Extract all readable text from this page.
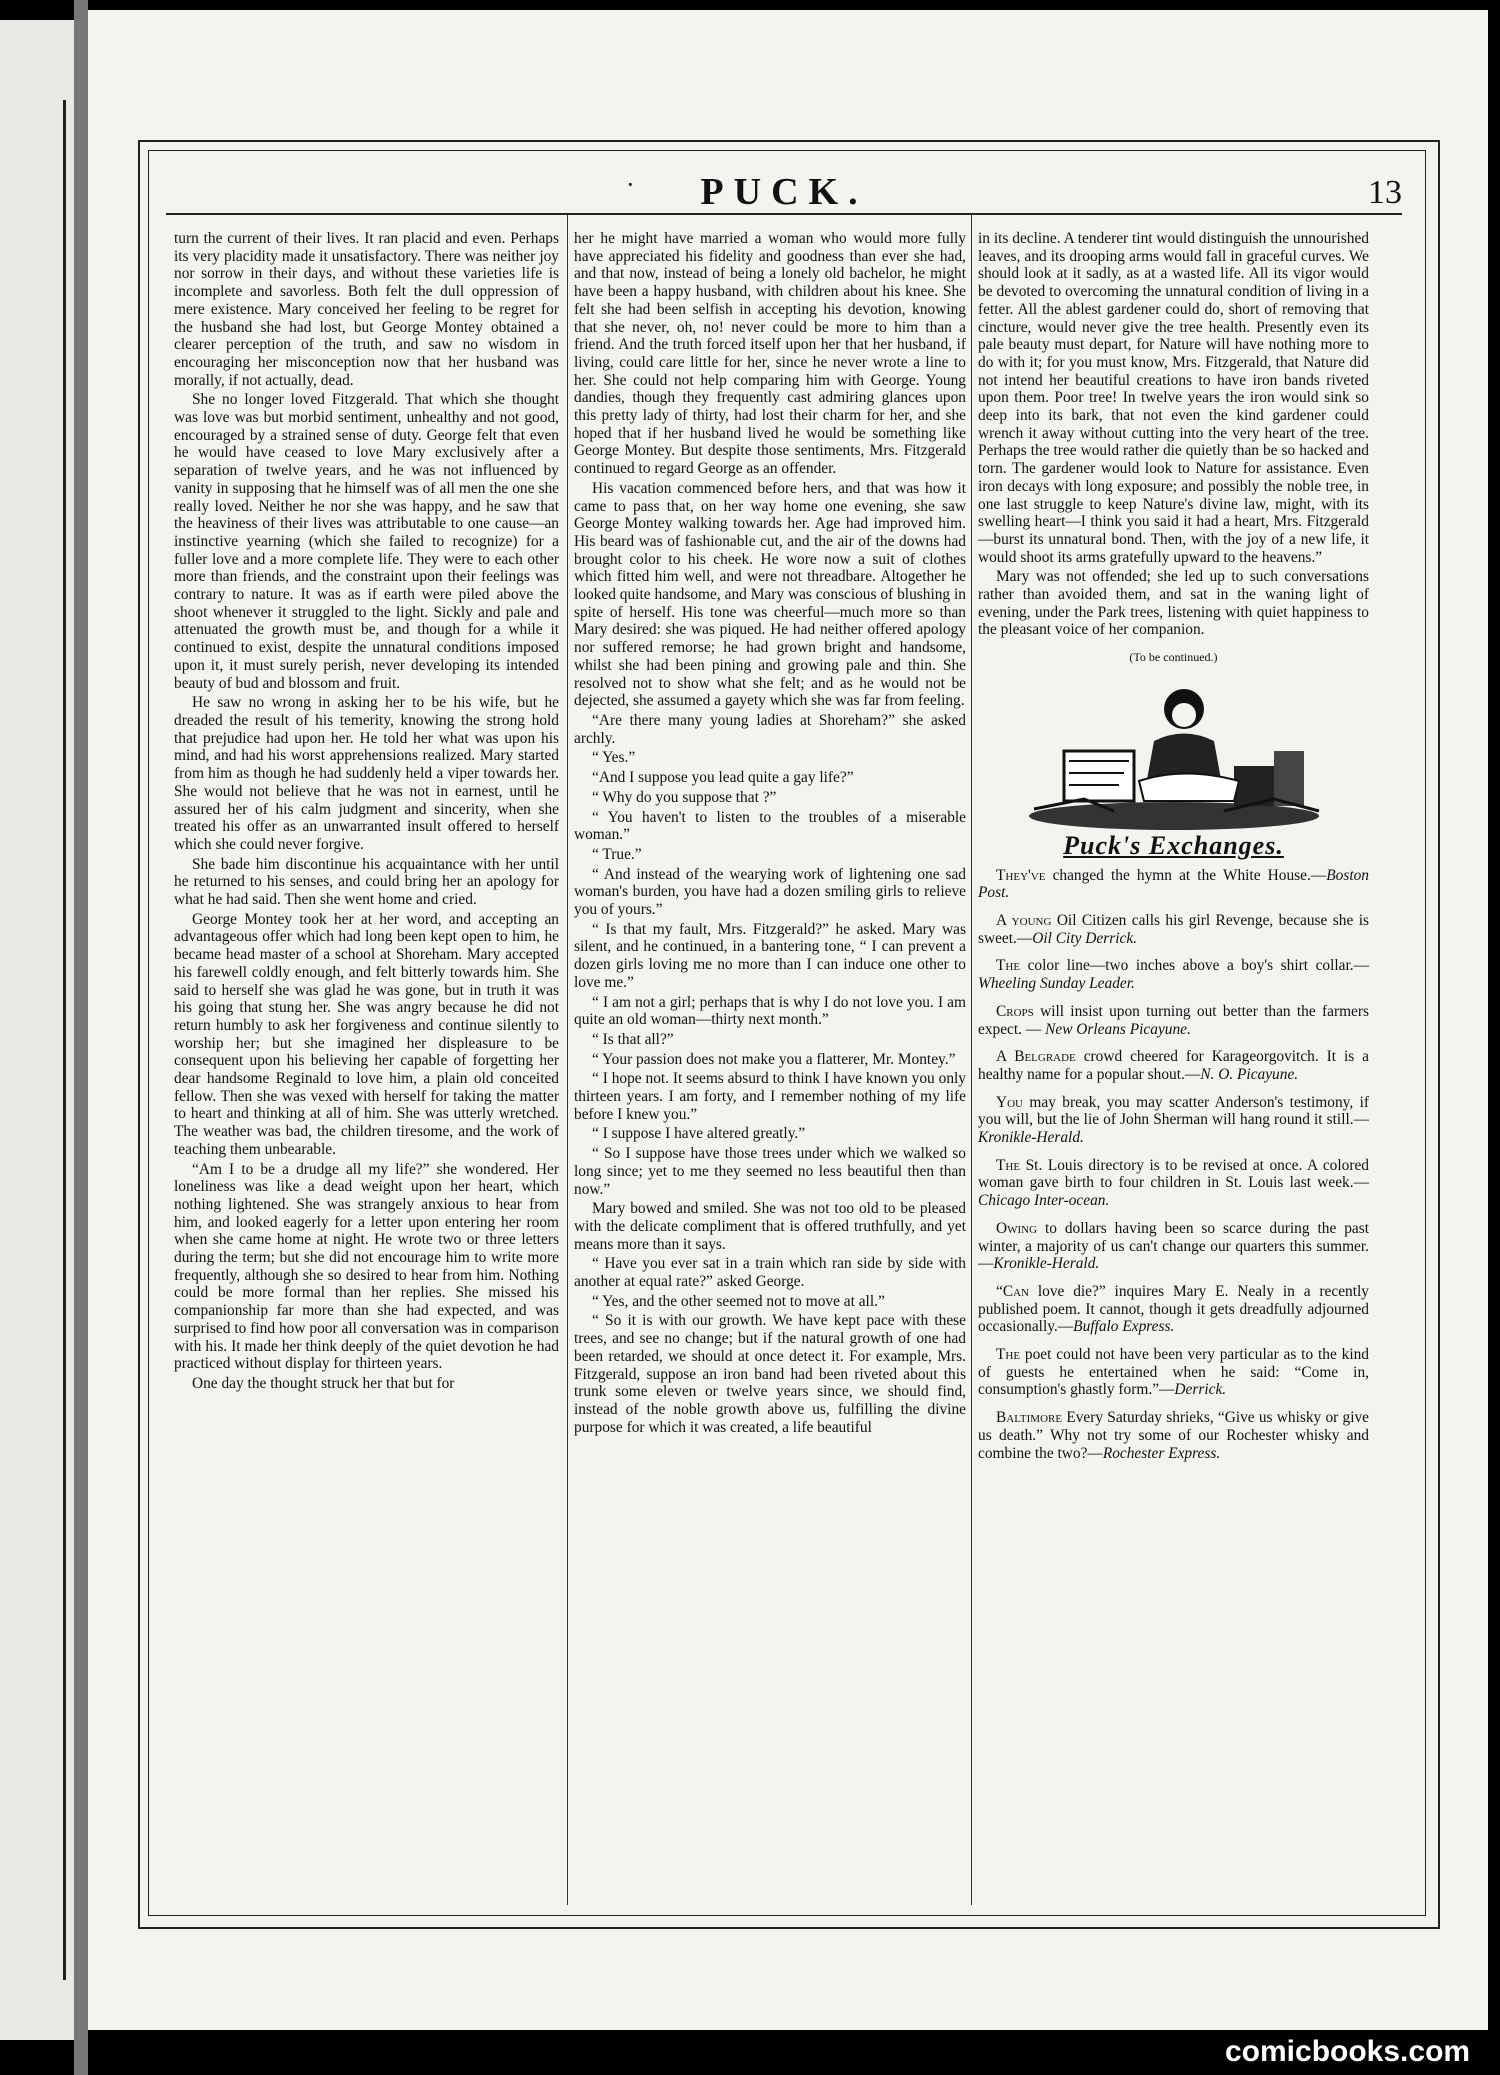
·	PUCK.	13

turn the current of their lives. It ran placid and even. Perhaps its very placidity made it unsatisfactory. There was neither joy nor sorrow in their days, and without these varieties life is incomplete and savorless. Both felt the dull oppression of mere existence. Mary conceived her feeling to be regret for the husband she had lost, but George Montey obtained a clearer perception of the truth, and saw no wisdom in encouraging her misconception now that her husband was morally, if not actually, dead.

She no longer loved Fitzgerald. That which she thought was love was but morbid sentiment, unhealthy and not good, encouraged by a strained sense of duty. George felt that even he would have ceased to love Mary exclusively after a separation of twelve years, and he was not influenced by vanity in supposing that he himself was of all men the one she really loved. Neither he nor she was happy, and he saw that the heaviness of their lives was attributable to one cause—an instinctive yearning (which she failed to recognize) for a fuller love and a more complete life. They were to each other more than friends, and the constraint upon their feelings was contrary to nature. It was as if earth were piled above the shoot whenever it struggled to the light. Sickly and pale and attenuated the growth must be, and though for a while it continued to exist, despite the unnatural conditions imposed upon it, it must surely perish, never developing its intended beauty of bud and blossom and fruit.

He saw no wrong in asking her to be his wife, but he dreaded the result of his temerity, knowing the strong hold that prejudice had upon her. He told her what was upon his mind, and had his worst apprehensions realized. Mary started from him as though he had suddenly held a viper towards her. She would not believe that he was not in earnest, until he assured her of his calm judgment and sincerity, when she treated his offer as an unwarranted insult offered to herself which she could never forgive.

She bade him discontinue his acquaintance with her until he returned to his senses, and could bring her an apology for what he had said. Then she went home and cried.

George Montey took her at her word, and accepting an advantageous offer which had long been kept open to him, he became head master of a school at Shoreham. Mary accepted his farewell coldly enough, and felt bitterly towards him. She said to herself she was glad he was gone, but in truth it was his going that stung her. She was angry because he did not return humbly to ask her forgiveness and continue silently to worship her; but she imagined her displeasure to be consequent upon his believing her capable of forgetting her dear handsome Reginald to love him, a plain old conceited fellow. Then she was vexed with herself for taking the matter to heart and thinking at all of him. She was utterly wretched. The weather was bad, the children tiresome, and the work of teaching them unbearable.

“Am I to be a drudge all my life?” she wondered. Her loneliness was like a dead weight upon her heart, which nothing lightened. She was strangely anxious to hear from him, and looked eagerly for a letter upon entering her room when she came home at night. He wrote two or three letters during the term; but she did not encourage him to write more frequently, although she so desired to hear from him. Nothing could be more formal than her replies. She missed his companionship far more than she had expected, and was surprised to find how poor all conversation was in comparison with his. It made her think deeply of the quiet devotion he had practiced without display for thirteen years.

One day the thought struck her that but for

her he might have married a woman who would more fully have appreciated his fidelity and goodness than ever she had, and that now, instead of being a lonely old bachelor, he might have been a happy husband, with children about his knee. She felt she had been selfish in accepting his devotion, knowing that she never, oh, no! never could be more to him than a friend. And the truth forced itself upon her that her husband, if living, could care little for her, since he never wrote a line to her. She could not help comparing him with George. Young dandies, though they frequently cast admiring glances upon this pretty lady of thirty, had lost their charm for her, and she hoped that if her husband lived he would be something like George Montey. But despite those sentiments, Mrs. Fitzgerald continued to regard George as an offender.

His vacation commenced before hers, and that was how it came to pass that, on her way home one evening, she saw George Montey walking towards her. Age had improved him. His beard was of fashionable cut, and the air of the downs had brought color to his cheek. He wore now a suit of clothes which fitted him well, and were not threadbare. Altogether he looked quite handsome, and Mary was conscious of blushing in spite of herself. His tone was cheerful—much more so than Mary desired: she was piqued. He had neither offered apology nor suffered remorse; he had grown bright and handsome, whilst she had been pining and growing pale and thin. She resolved not to show what she felt; and as he would not be dejected, she assumed a gayety which she was far from feeling.

“Are there many young ladies at Shoreham?” she asked archly.

“ Yes.”

“And I suppose you lead quite a gay life?”

“ Why do you suppose that ?”

“ You haven't to listen to the troubles of a miserable woman.”

“ True.”

“ And instead of the wearying work of lightening one sad woman's burden, you have had a dozen smiling girls to relieve you of yours.”

“ Is that my fault, Mrs. Fitzgerald?” he asked. Mary was silent, and he continued, in a bantering tone, “ I can prevent a dozen girls loving me no more than I can induce one other to love me.”

“ I am not a girl; perhaps that is why I do not love you. I am quite an old woman—thirty next month.”

“ Is that all?”

“ Your passion does not make you a flatterer, Mr. Montey.”

“ I hope not. It seems absurd to think I have known you only thirteen years. I am forty, and I remember nothing of my life before I knew you.”

“ I suppose I have altered greatly.”

“ So I suppose have those trees under which we walked so long since; yet to me they seemed no less beautiful then than now.”

Mary bowed and smiled. She was not too old to be pleased with the delicate compliment that is offered truthfully, and yet means more than it says.

“ Have you ever sat in a train which ran side by side with another at equal rate?” asked George.

“ Yes, and the other seemed not to move at all.”

“ So it is with our growth. We have kept pace with these trees, and see no change; but if the natural growth of one had been retarded, we should at once detect it. For example, Mrs. Fitzgerald, suppose an iron band had been riveted about this trunk some eleven or twelve years since, we should find, instead of the noble growth above us, fulfilling the divine purpose for which it was created, a life beautiful

in its decline. A tenderer tint would distinguish the unnourished leaves, and its drooping arms would fall in graceful curves. We should look at it sadly, as at a wasted life. All its vigor would be devoted to overcoming the unnatural condition of living in a fetter. All the ablest gardener could do, short of removing that cincture, would never give the tree health. Presently even its pale beauty must depart, for Nature will have nothing more to do with it; for you must know, Mrs. Fitzgerald, that Nature did not intend her beautiful creations to have iron bands riveted upon them. Poor tree! In twelve years the iron would sink so deep into its bark, that not even the kind gardener could wrench it away without cutting into the very heart of the tree. Perhaps the tree would rather die quietly than be so hacked and torn. The gardener would look to Nature for assistance. Even iron decays with long exposure; and possibly the noble tree, in one last struggle to keep Nature's divine law, might, with its swelling heart—I think you said it had a heart, Mrs. Fitzgerald—burst its unnatural bond. Then, with the joy of a new life, it would shoot its arms gratefully upward to the heavens.”

Mary was not offended; she led up to such conversations rather than avoided them, and sat in the waning light of evening, under the Park trees, listening with quiet happiness to the pleasant voice of her companion.

(To be continued.)
Puck's Exchanges.

They've changed the hymn at the White House.—Boston Post.

A young Oil Citizen calls his girl Revenge, because she is sweet.—Oil City Derrick.

The color line—two inches above a boy's shirt collar.—Wheeling Sunday Leader.

Crops will insist upon turning out better than the farmers expect. — New Orleans Picayune.

A Belgrade crowd cheered for Karageorgovitch. It is a healthy name for a popular shout.—N. O. Picayune.

You may break, you may scatter Anderson's testimony, if you will, but the lie of John Sherman will hang round it still.—Kronikle-Herald.

The St. Louis directory is to be revised at once. A colored woman gave birth to four children in St. Louis last week.—Chicago Inter-ocean.

Owing to dollars having been so scarce during the past winter, a majority of us can't change our quarters this summer.—Kronikle-Herald.

“Can love die?” inquires Mary E. Nealy in a recently published poem. It cannot, though it gets dreadfully adjourned occasionally.—Buffalo Express.

The poet could not have been very particular as to the kind of guests he entertained when he said: “Come in, consumption's ghastly form.”—Derrick.

Baltimore Every Saturday shrieks, “Give us whisky or give us death.” Why not try some of our Rochester whisky and combine the two?—Rochester Express.

comicbooks.com
